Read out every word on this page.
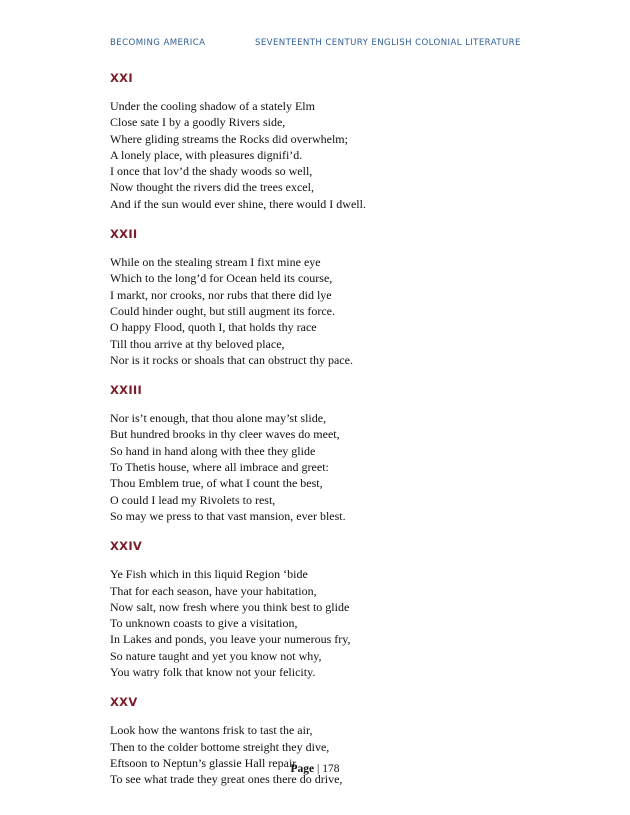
BECOMING AMERICA	SEVENTEENTH CENTURY ENGLISH COLONIAL LITERATURE
XXI
Under the cooling shadow of a stately Elm
Close sate I by a goodly Rivers side,
Where gliding streams the Rocks did overwhelm;
A lonely place, with pleasures dignifi’d.
I once that lov’d the shady woods so well,
Now thought the rivers did the trees excel,
And if the sun would ever shine, there would I dwell.
XXII
While on the stealing stream I fixt mine eye
Which to the long’d for Ocean held its course,
I markt, nor crooks, nor rubs that there did lye
Could hinder ought, but still augment its force.
O happy Flood, quoth I, that holds thy race
Till thou arrive at thy beloved place,
Nor is it rocks or shoals that can obstruct thy pace.
XXIII
Nor is’t enough, that thou alone may’st slide,
But hundred brooks in thy cleer waves do meet,
So hand in hand along with thee they glide
To Thetis house, where all imbrace and greet:
Thou Emblem true, of what I count the best,
O could I lead my Rivolets to rest,
So may we press to that vast mansion, ever blest.
XXIV
Ye Fish which in this liquid Region ‘bide
That for each season, have your habitation,
Now salt, now fresh where you think best to glide
To unknown coasts to give a visitation,
In Lakes and ponds, you leave your numerous fry,
So nature taught and yet you know not why,
You watry folk that know not your felicity.
XXV
Look how the wantons frisk to tast the air,
Then to the colder bottome streight they dive,
Eftsoon to Neptun’s glassie Hall repair
To see what trade they great ones there do drive,
Page | 178
